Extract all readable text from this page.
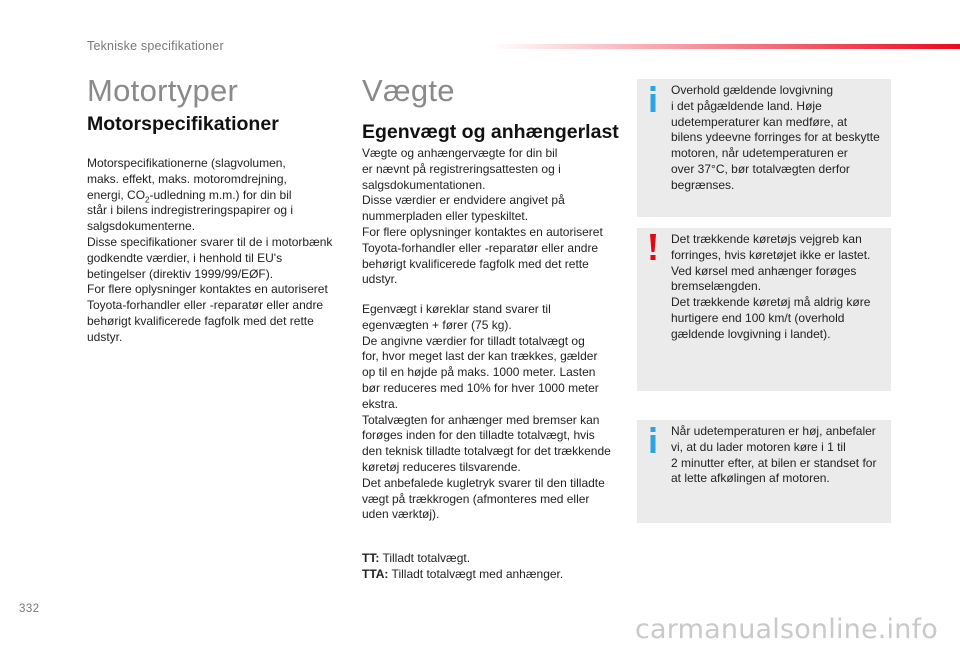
Tekniske specifikationer
Motortyper
Motorspecifikationer

Motorspecifikationerne (slagvolumen,
maks. effekt, maks. motoromdrejning,
energi, $CO_2$-udledning m.m.) for din bil
står i bilens indregistreringspapirer og i
salgsdokumenterne.
Disse specifikationer svarer til de i motorbænk
godkendte værdier, i henhold til EU's
betingelser (direktiv 1999/99/EØF).
For flere oplysninger kontaktes en autoriseret
Toyota-forhandler eller -reparatør eller andre
behørigt kvalificerede fagfolk med det rette
udstyr.

Vægte
Egenvægt og anhængerlast

Vægte og anhængervægte for din bil
er nævnt på registreringsattesten og i
salgsdokumentationen.
Disse værdier er endvidere angivet på
nummerpladen eller typeskiltet.
For flere oplysninger kontaktes en autoriseret
Toyota-forhandler eller -reparatør eller andre
behørigt kvalificerede fagfolk med det rette
udstyr.

Egenvægt i køreklar stand svarer til
egenvægten + fører (75 kg).
De angivne værdier for tilladt totalvægt og
for, hvor meget last der kan trækkes, gælder
op til en højde på maks. 1000 meter. Lasten
bør reduceres med 10% for hver 1000 meter
ekstra.
Totalvægten for anhænger med bremser kan
forøges inden for den tilladte totalvægt, hvis
den teknisk tilladte totalvægt for det trækkende
køretøj reduceres tilsvarende.
Det anbefalede kugletryk svarer til den tilladte
vægt på trækkrogen (afmonteres med eller
uden værktøj).

TT: Tilladt totalvægt.

TTA: Tilladt totalvægt med anhænger.

Overhold gældende lovgivning
i det pågældende land. Høje
udetemperaturer kan medføre, at
bilens ydeevne forringes for at beskytte
motoren, når udetemperaturen er
over 37°C, bør totalvægten derfor
begrænses.

Det trækkende køretøjs vejgreb kan
forringes, hvis køretøjet ikke er lastet.
Ved kørsel med anhænger forøges
bremselængden.
Det trækkende køretøj må aldrig køre
hurtigere end 100 km/t (overhold
gældende lovgivning i landet).

Når udetemperaturen er høj, anbefaler
vi, at du lader motoren køre i 1 til
2 minutter efter, at bilen er standset for
at lette afkølingen af motoren.

332
carmanualsonline.info
